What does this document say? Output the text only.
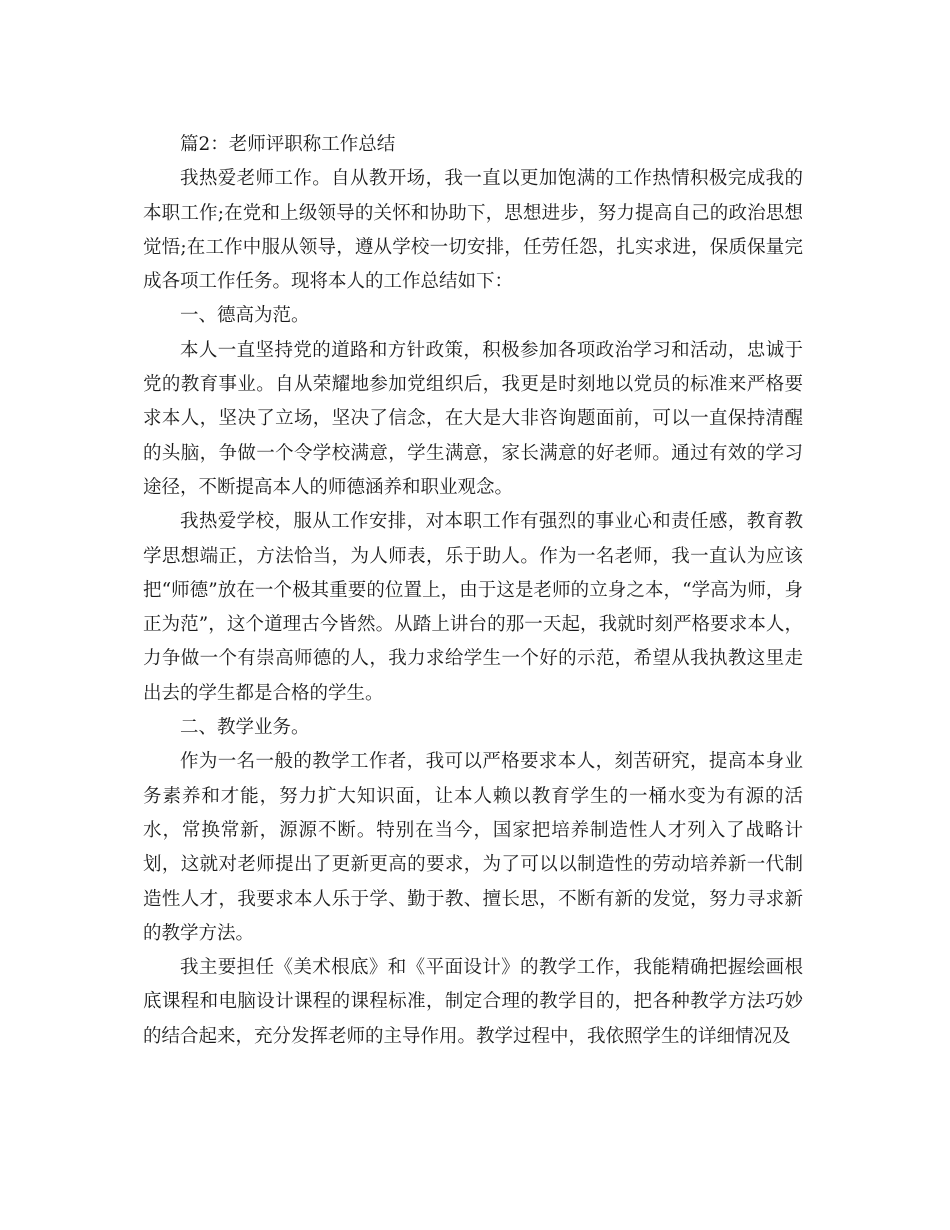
篇2：老师评职称工作总结

我热爱老师工作。自从教开场，我一直以更加饱满的工作热情积极完成我的本职工作;在党和上级领导的关怀和协助下，思想进步，努力提高自己的政治思想觉悟;在工作中服从领导，遵从学校一切安排，任劳任怨，扎实求进，保质保量完成各项工作任务。现将本人的工作总结如下：

一、德高为范。

本人一直坚持党的道路和方针政策，积极参加各项政治学习和活动，忠诚于党的教育事业。自从荣耀地参加党组织后，我更是时刻地以党员的标准来严格要求本人，坚决了立场，坚决了信念，在大是大非咨询题面前，可以一直保持清醒的头脑，争做一个令学校满意，学生满意，家长满意的好老师。通过有效的学习途径，不断提高本人的师德涵养和职业观念。

我热爱学校，服从工作安排，对本职工作有强烈的事业心和责任感，教育教学思想端正，方法恰当，为人师表，乐于助人。作为一名老师，我一直认为应该把“师德”放在一个极其重要的位置上，由于这是老师的立身之本，“学高为师，身正为范”，这个道理古今皆然。从踏上讲台的那一天起，我就时刻严格要求本人，力争做一个有崇高师德的人，我力求给学生一个好的示范，希望从我执教这里走出去的学生都是合格的学生。

二、教学业务。

作为一名一般的教学工作者，我可以严格要求本人，刻苦研究，提高本身业务素养和才能，努力扩大知识面，让本人赖以教育学生的一桶水变为有源的活水，常换常新，源源不断。特别在当今，国家把培养制造性人才列入了战略计划，这就对老师提出了更新更高的要求，为了可以以制造性的劳动培养新一代制造性人才，我要求本人乐于学、勤于教、擅长思，不断有新的发觉，努力寻求新的教学方法。

我主要担任《美术根底》和《平面设计》的教学工作，我能精确把握绘画根底课程和电脑设计课程的课程标准，制定合理的教学目的，把各种教学方法巧妙的结合起来，充分发挥老师的主导作用。教学过程中，我依照学生的详细情况及
